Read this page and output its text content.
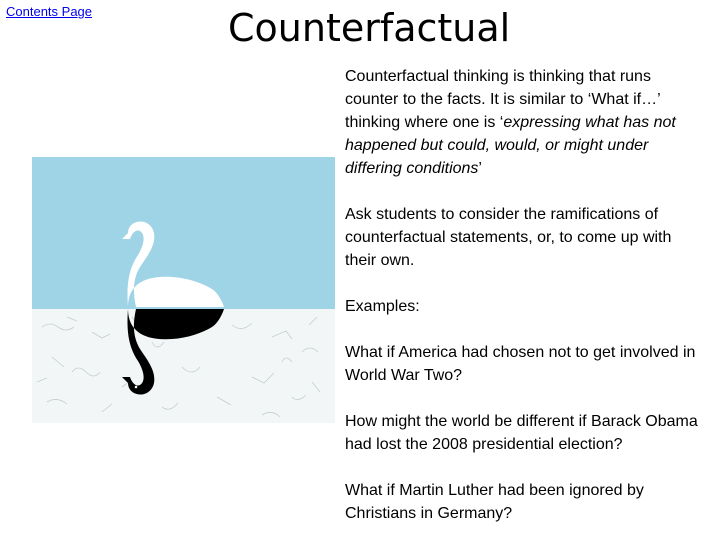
Contents Page	Counterfactual

Counterfactual thinking is thinking that runs counter to the facts. It is similar to ‘What if…’ thinking where one is ‘expressing what has not happened but could, would, or might under differing conditions’

Ask students to consider the ramifications of counterfactual statements, or, to come up with their own.

Examples:

What if America had chosen not to get involved in World War Two?

How might the world be different if Barack Obama had lost the 2008 presidential election?

What if Martin Luther had been ignored by Christians in Germany?
